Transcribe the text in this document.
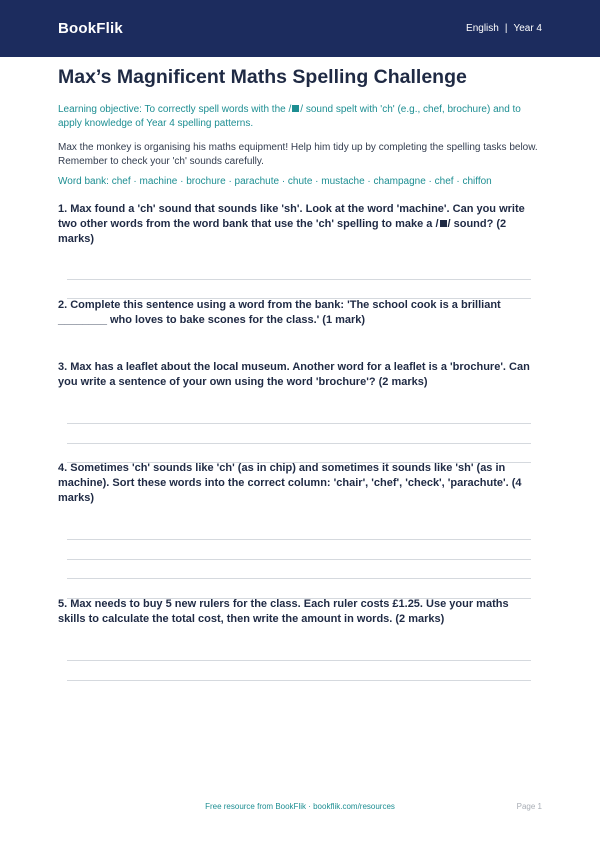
BookFlik	English | Year 4
Max’s Magnificent Maths Spelling Challenge

Learning objective: To correctly spell words with the / / sound spelt with 'ch' (e.g., chef, brochure) and to apply knowledge of Year 4 spelling patterns.

Max the monkey is organising his maths equipment! Help him tidy up by completing the spelling tasks below. Remember to check your 'ch' sounds carefully.

Word bank: chef · machine · brochure · parachute · chute · mustache · champagne · chef · chiffon
1. Max found a 'ch' sound that sounds like 'sh'. Look at the word 'machine'. Can you write two other words from the word bank that use the 'ch' spelling to make a / / sound? (2 marks)
2. Complete this sentence using a word from the bank: 'The school cook is a brilliant ________ who loves to bake scones for the class.' (1 mark)
3. Max has a leaflet about the local museum. Another word for a leaflet is a 'brochure'. Can you write a sentence of your own using the word 'brochure'? (2 marks)
4. Sometimes 'ch' sounds like 'ch' (as in chip) and sometimes it sounds like 'sh' (as in machine). Sort these words into the correct column: 'chair', 'chef', 'check', 'parachute'. (4 marks)
5. Max needs to buy 5 new rulers for the class. Each ruler costs £1.25. Use your maths skills to calculate the total cost, then write the amount in words. (2 marks)
Free resource from BookFlik · bookflik.com/resources	Page 1
